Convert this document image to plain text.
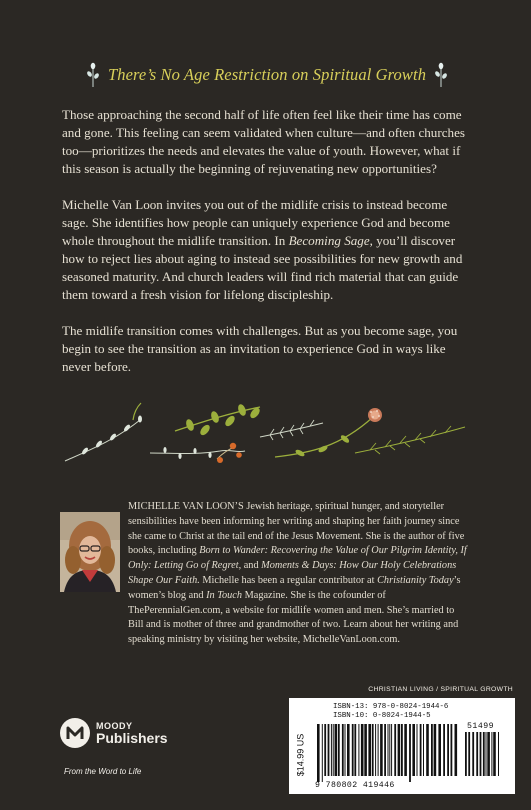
There’s No Age Restriction on Spiritual Growth

Those approaching the second half of life often feel like their time has come and gone. This feeling can seem validated when culture—and often churches too—prioritizes the needs and elevates the value of youth. However, what if this season is actually the beginning of rejuvenating new opportunities?

Michelle Van Loon invites you out of the midlife crisis to instead become sage. She identifies how people can uniquely experience God and become whole throughout the midlife transition. In Becoming Sage, you’ll discover how to reject lies about aging to instead see possibilities for new growth and seasoned maturity. And church leaders will find rich material that can guide them toward a fresh vision for lifelong discipleship.

The midlife transition comes with challenges. But as you become sage, you begin to see the transition as an invitation to experience God in ways like never before.

MICHELLE VAN LOON’S Jewish heritage, spiritual hunger, and storyteller sensibilities have been informing her writing and shaping her faith journey since she came to Christ at the tail end of the Jesus Movement. She is the author of five books, including Born to Wander: Recovering the Value of Our Pilgrim Identity, If Only: Letting Go of Regret, and Moments & Days: How Our Holy Celebrations Shape Our Faith. Michelle has been a regular contributor at Christianity Today’s women’s blog and In Touch Magazine. She is the cofounder of ThePerennialGen.com, a website for midlife women and men. She’s married to Bill and is mother of three and grandmother of two. Learn about her writing and speaking ministry by visiting her website, MichelleVanLoon.com.
CHRISTIAN LIVING / SPIRITUAL GROWTH
MOODY
Publishers
From the Word to Life
ISBN-13: 978-0-8024-1944-6
ISBN-10: 0-8024-1944-5
$14.99 US
9 780802 419446
51499
